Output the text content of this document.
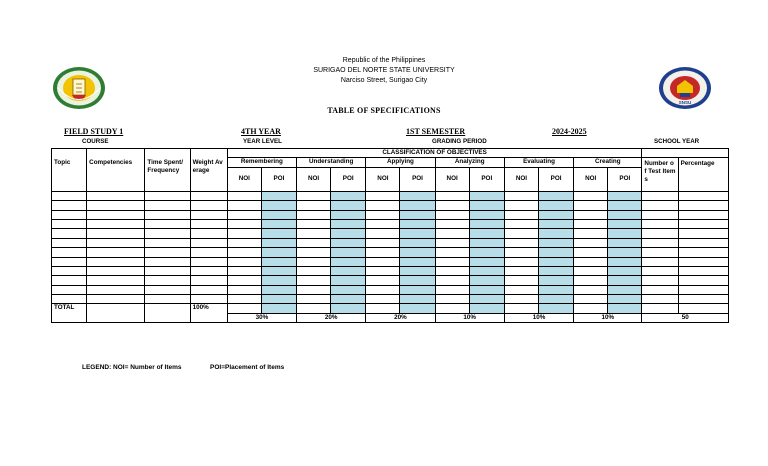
SNSU
Republic of the Philippines
SURIGAO DEL NORTE STATE UNIVERSITY
Narciso Street, Surigao City
TABLE OF SPECIFICATIONS
FIELD STUDY 1
COURSE
4TH YEAR
YEAR LEVEL
1ST SEMESTER
GRADING PERIOD
2024-2025
SCHOOL YEAR
Topic	Competencies	Time Spent/ Frequency	Weight Average	CLASSIFICATION OF OBJECTIVES													
				Remembering		Understanding		Applying		Analyzing		Evaluating		Creating		Number of Test Items	Percentage
				NOI	POI	NOI	POI	NOI	POI	NOI	POI	NOI	POI	NOI	POI		

TOTAL			100%														
				30%		20%		20%		10%		10%		10%		50	
LEGEND: NOI= Number of Items	POI=Placement of Items
